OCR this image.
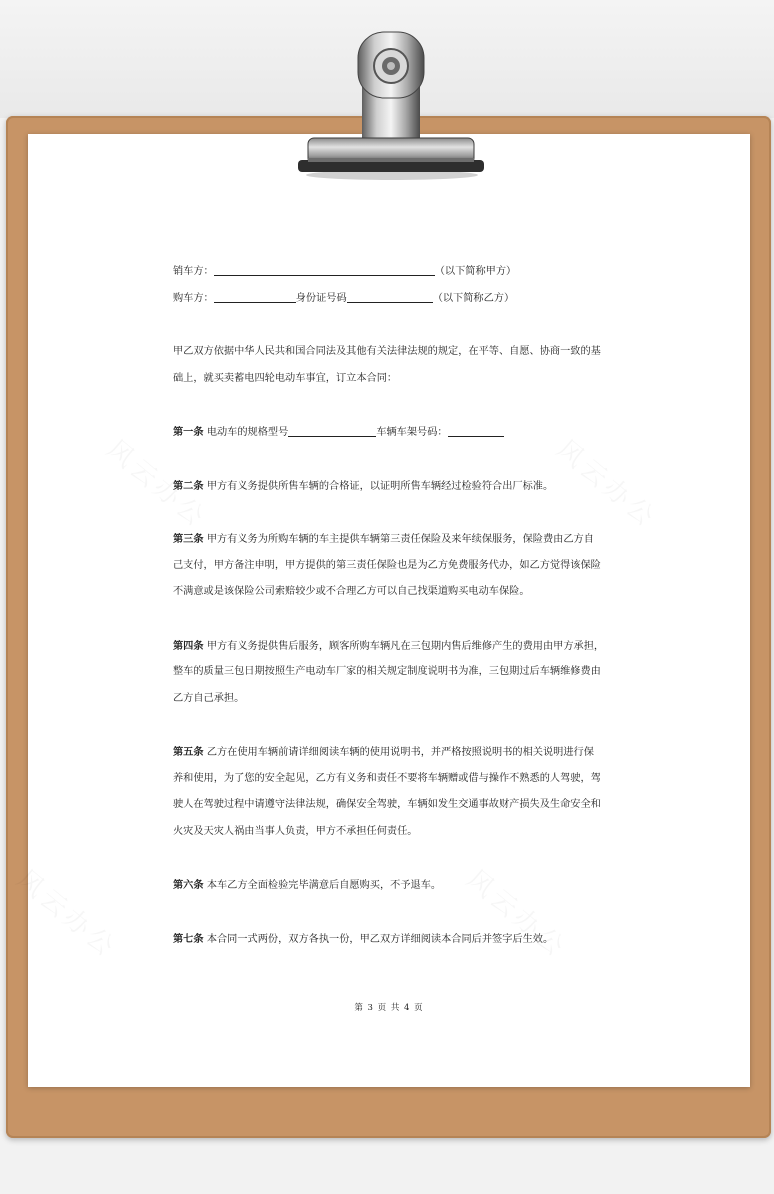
销车方：	（以下简称甲方）
购车方：	身份证号码	（以下简称乙方）
甲乙双方依据中华人民共和国合同法及其他有关法律法规的规定，在平等、自愿、协商一致的基
础上，就买卖蓄电四轮电动车事宜，订立本合同：
第一条 电动车的规格型号	车辆车架号码：
第二条 甲方有义务提供所售车辆的合格证，以证明所售车辆经过检验符合出厂标准。
第三条 甲方有义务为所购车辆的车主提供车辆第三责任保险及来年续保服务，保险费由乙方自
己支付，甲方备注申明，甲方提供的第三责任保险也是为乙方免费服务代办，如乙方觉得该保险
不满意或是该保险公司索赔较少或不合理乙方可以自己找渠道购买电动车保险。
第四条 甲方有义务提供售后服务，顾客所购车辆凡在三包期内售后维修产生的费用由甲方承担，
整车的质量三包日期按照生产电动车厂家的相关规定制度说明书为准，三包期过后车辆维修费由
乙方自己承担。
第五条 乙方在使用车辆前请详细阅读车辆的使用说明书，并严格按照说明书的相关说明进行保
养和使用，为了您的安全起见，乙方有义务和责任不要将车辆赠或借与操作不熟悉的人驾驶，驾
驶人在驾驶过程中请遵守法律法规，确保安全驾驶，车辆如发生交通事故财产损失及生命安全和
火灾及天灾人祸由当事人负责，甲方不承担任何责任。
第六条 本车乙方全面检验完毕满意后自愿购买，不予退车。
第七条 本合同一式两份，双方各执一份，甲乙双方详细阅读本合同后并签字后生效。
第 3 页 共 4 页
